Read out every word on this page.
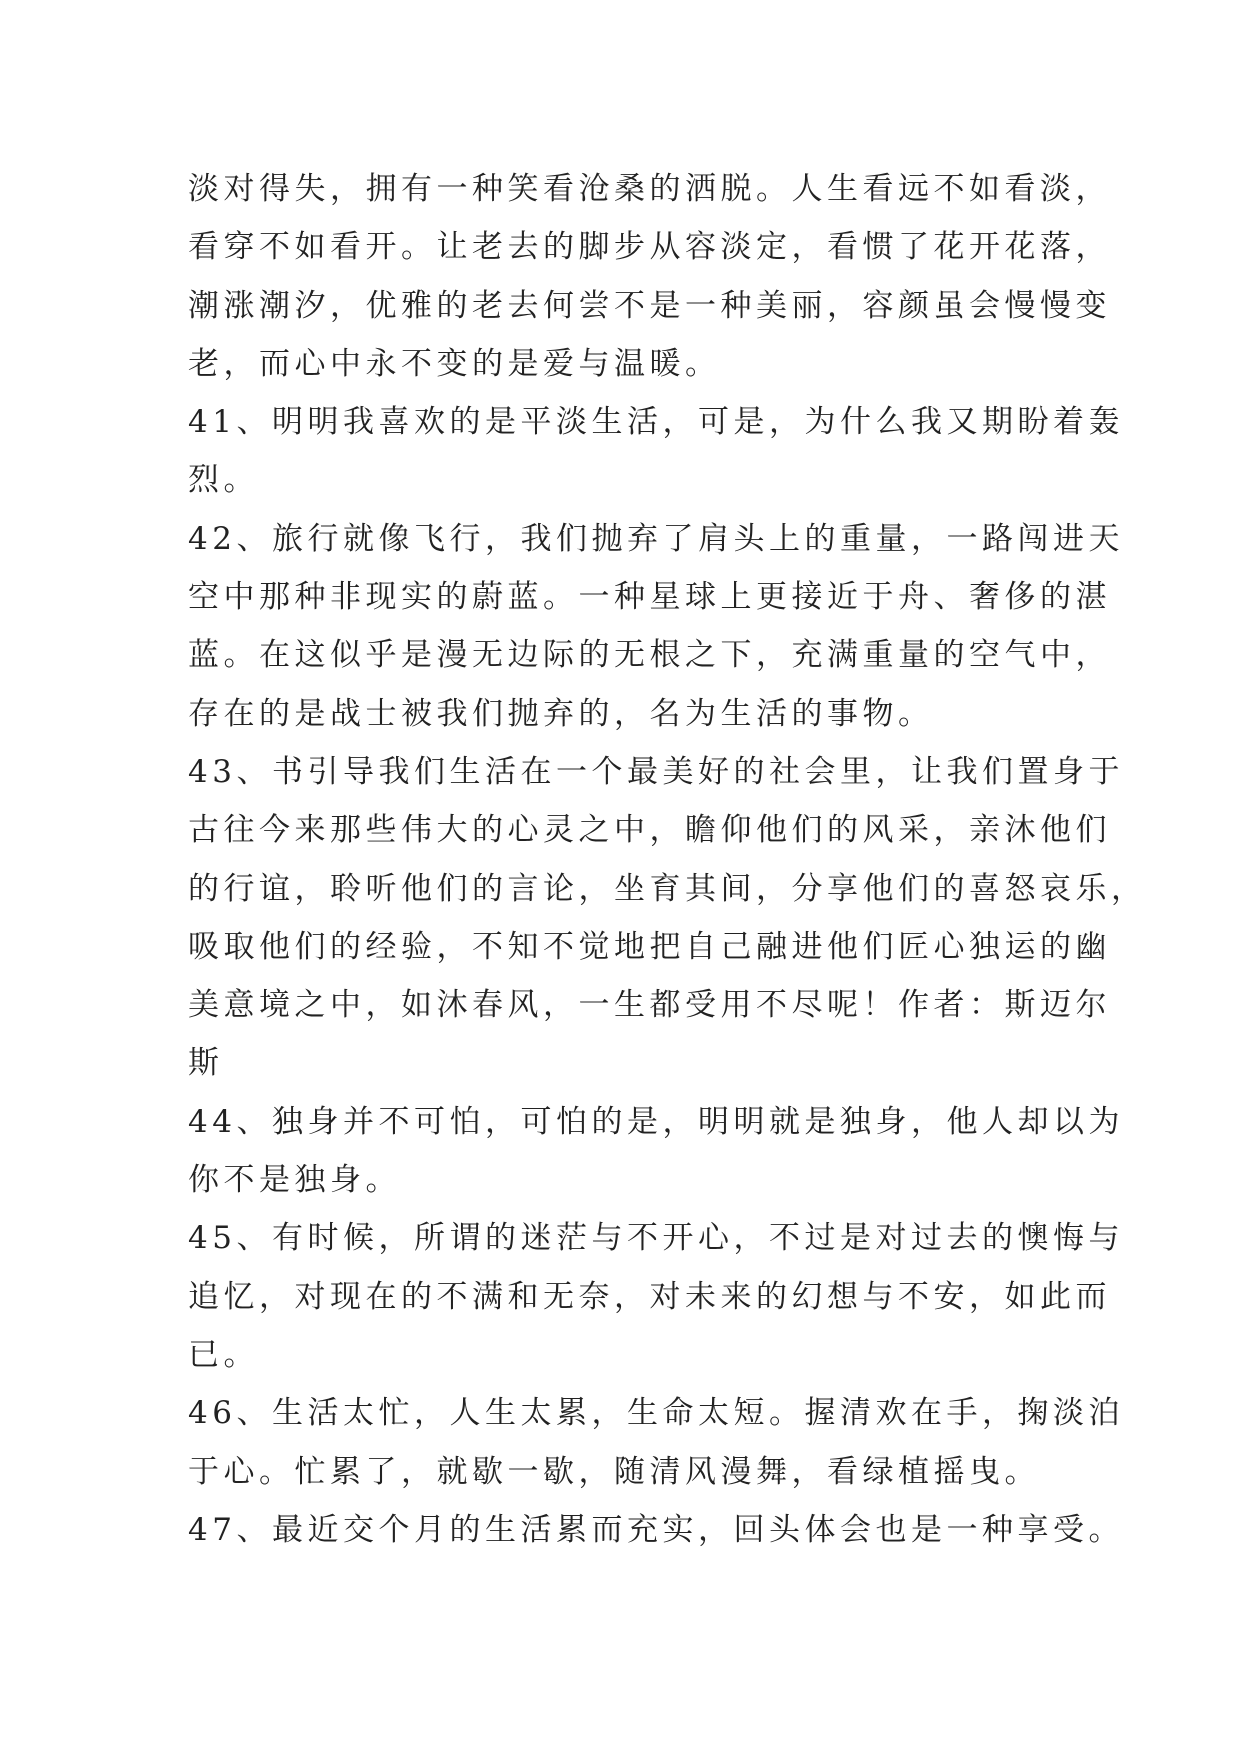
淡对得失，拥有一种笑看沧桑的洒脱。人生看远不如看淡，
看穿不如看开。让老去的脚步从容淡定，看惯了花开花落，
潮涨潮汐，优雅的老去何尝不是一种美丽，容颜虽会慢慢变
老，而心中永不变的是爱与温暖。
41、明明我喜欢的是平淡生活，可是，为什么我又期盼着轰
烈。
42、旅行就像飞行，我们抛弃了肩头上的重量，一路闯进天
空中那种非现实的蔚蓝。一种星球上更接近于舟、奢侈的湛
蓝。在这似乎是漫无边际的无根之下，充满重量的空气中，
存在的是战士被我们抛弃的，名为生活的事物。
43、书引导我们生活在一个最美好的社会里，让我们置身于
古往今来那些伟大的心灵之中，瞻仰他们的风采，亲沐他们
的行谊，聆听他们的言论，坐育其间，分享他们的喜怒哀乐，
吸取他们的经验，不知不觉地把自己融进他们匠心独运的幽
美意境之中，如沐春风，一生都受用不尽呢！作者：斯迈尔
斯
44、独身并不可怕，可怕的是，明明就是独身，他人却以为
你不是独身。
45、有时候，所谓的迷茫与不开心，不过是对过去的懊悔与
追忆，对现在的不满和无奈，对未来的幻想与不安，如此而
已。
46、生活太忙，人生太累，生命太短。握清欢在手，掬淡泊
于心。忙累了，就歇一歇，随清风漫舞，看绿植摇曳。
47、最近交个月的生活累而充实，回头体会也是一种享受。
